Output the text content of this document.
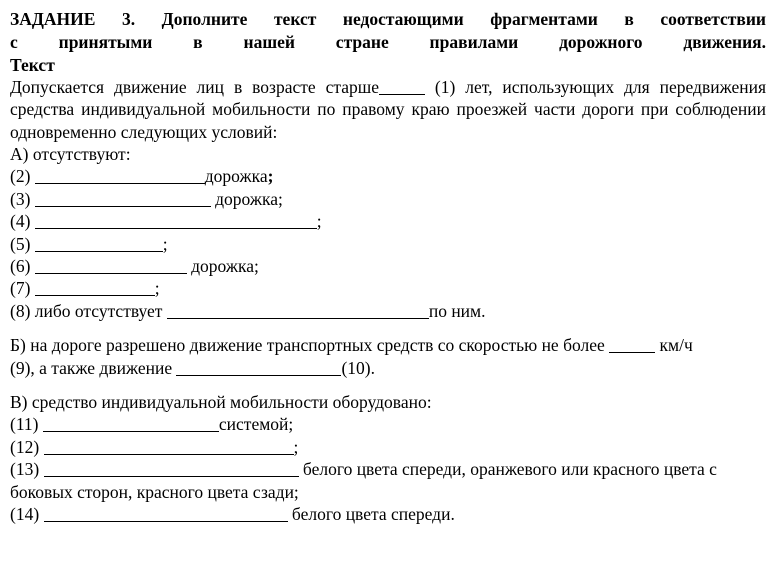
ЗАДАНИЕ 3. Дополните текст недостающими фрагментами в соответствии
с принятыми в нашей стране правилами дорожного движения.
Текст
Допускается движение лиц в возрасте старше	(1) лет, использующих для передвижения средства индивидуальной мобильности по правому краю проезжей части дороги при соблюдении одновременно следующих условий:
А) отсутствуют:
(2)	дорожка;
(3)	дорожка;
(4)	;
(5)	;
(6)	дорожка;
(7)	;
(8) либо отсутствует	по ним.
Б) на дороге разрешено движение транспортных средств со скоростью не более	км/ч
(9), а также движение	(10).
В) средство индивидуальной мобильности оборудовано:
(11)	системой;
(12)	;
(13)	белого цвета спереди, оранжевого или красного цвета с боковых сторон, красного цвета сзади;
(14)	белого цвета спереди.
